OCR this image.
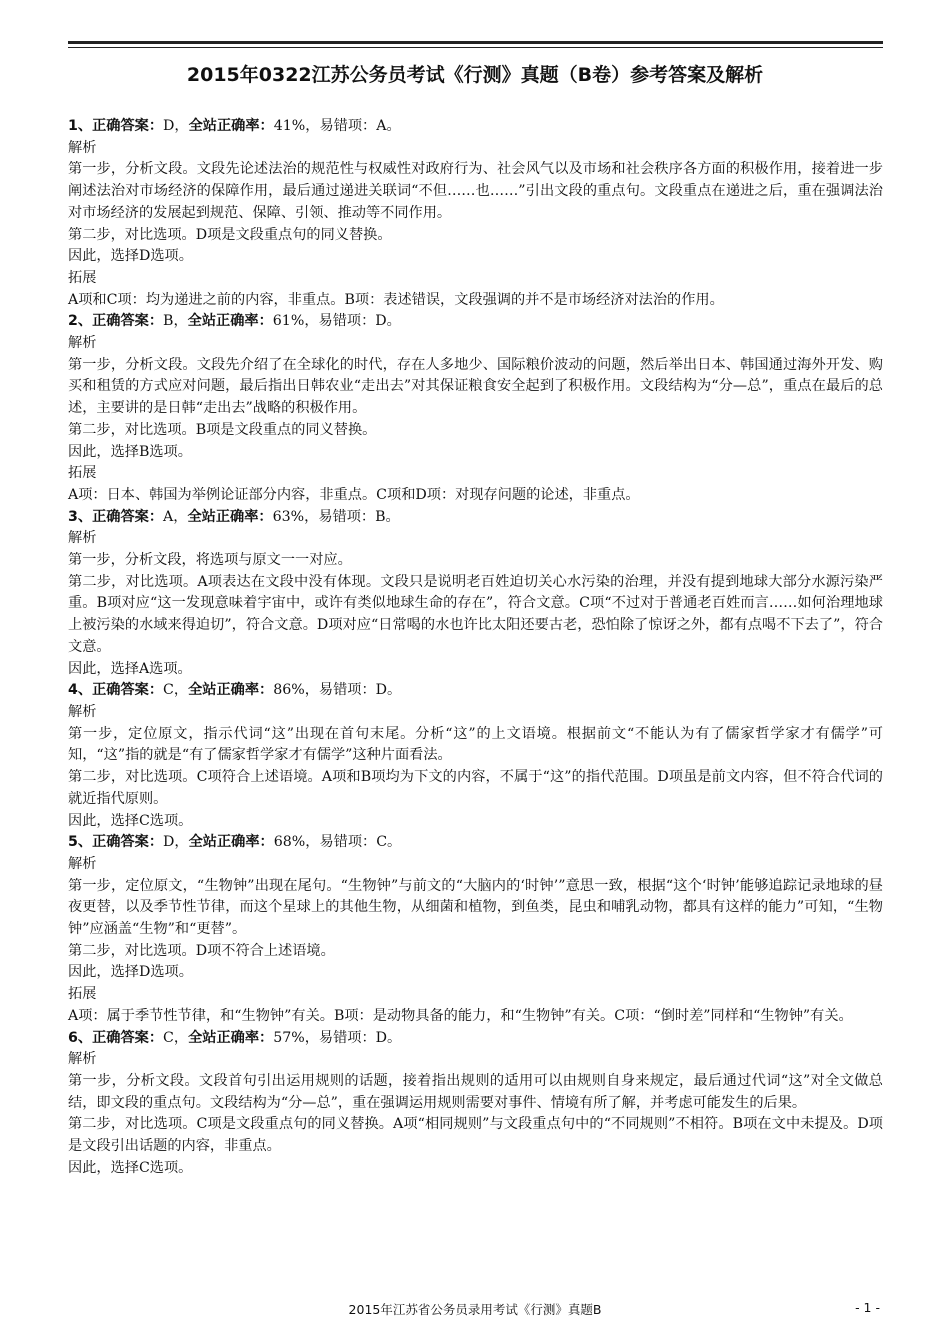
2015年0322江苏公务员考试《行测》真题（B卷）参考答案及解析

1、正确答案：D，全站正确率：41%，易错项：A。

解析

第一步，分析文段。文段先论述法治的规范性与权威性对政府行为、社会风气以及市场和社会秩序各方面的积极作用，接着进一步阐述法治对市场经济的保障作用，最后通过递进关联词“不但……也……”引出文段的重点句。文段重点在递进之后，重在强调法治对市场经济的发展起到规范、保障、引领、推动等不同作用。

第二步，对比选项。D项是文段重点句的同义替换。

因此，选择D选项。

拓展

A项和C项：均为递进之前的内容，非重点。B项：表述错误，文段强调的并不是市场经济对法治的作用。

2、正确答案：B，全站正确率：61%，易错项：D。

解析

第一步，分析文段。文段先介绍了在全球化的时代，存在人多地少、国际粮价波动的问题，然后举出日本、韩国通过海外开发、购买和租赁的方式应对问题，最后指出日韩农业“走出去”对其保证粮食安全起到了积极作用。文段结构为“分—总”，重点在最后的总述，主要讲的是日韩“走出去”战略的积极作用。

第二步，对比选项。B项是文段重点的同义替换。

因此，选择B选项。

拓展

A项：日本、韩国为举例论证部分内容，非重点。C项和D项：对现存问题的论述，非重点。

3、正确答案：A，全站正确率：63%，易错项：B。

解析

第一步，分析文段，将选项与原文一一对应。

第二步，对比选项。A项表达在文段中没有体现。文段只是说明老百姓迫切关心水污染的治理，并没有提到地球大部分水源污染严重。B项对应“这一发现意味着宇宙中，或许有类似地球生命的存在”，符合文意。C项“不过对于普通老百姓而言……如何治理地球上被污染的水域来得迫切”，符合文意。D项对应“日常喝的水也许比太阳还要古老，恐怕除了惊讶之外，都有点喝不下去了”，符合文意。

因此，选择A选项。

4、正确答案：C，全站正确率：86%，易错项：D。

解析

第一步，定位原文，指示代词“这”出现在首句末尾。分析“这”的上文语境。根据前文“不能认为有了儒家哲学家才有儒学”可知，“这”指的就是“有了儒家哲学家才有儒学”这种片面看法。

第二步，对比选项。C项符合上述语境。A项和B项均为下文的内容，不属于“这”的指代范围。D项虽是前文内容，但不符合代词的就近指代原则。

因此，选择C选项。

5、正确答案：D，全站正确率：68%，易错项：C。

解析

第一步，定位原文，“生物钟”出现在尾句。“生物钟”与前文的“大脑内的‘时钟’”意思一致，根据“这个‘时钟’能够追踪记录地球的昼夜更替，以及季节性节律，而这个星球上的其他生物，从细菌和植物，到鱼类，昆虫和哺乳动物，都具有这样的能力”可知，“生物钟”应涵盖“生物”和“更替”。

第二步，对比选项。D项不符合上述语境。

因此，选择D选项。

拓展

A项：属于季节性节律，和“生物钟”有关。B项：是动物具备的能力，和“生物钟”有关。C项：“倒时差”同样和“生物钟”有关。

6、正确答案：C，全站正确率：57%，易错项：D。

解析

第一步，分析文段。文段首句引出运用规则的话题，接着指出规则的适用可以由规则自身来规定，最后通过代词“这”对全文做总结，即文段的重点句。文段结构为“分—总”，重在强调运用规则需要对事件、情境有所了解，并考虑可能发生的后果。

第二步，对比选项。C项是文段重点句的同义替换。A项“相同规则”与文段重点句中的“不同规则”不相符。B项在文中未提及。D项是文段引出话题的内容，非重点。

因此，选择C选项。

2015年江苏省公务员录用考试《行测》真题B	- 1 -
